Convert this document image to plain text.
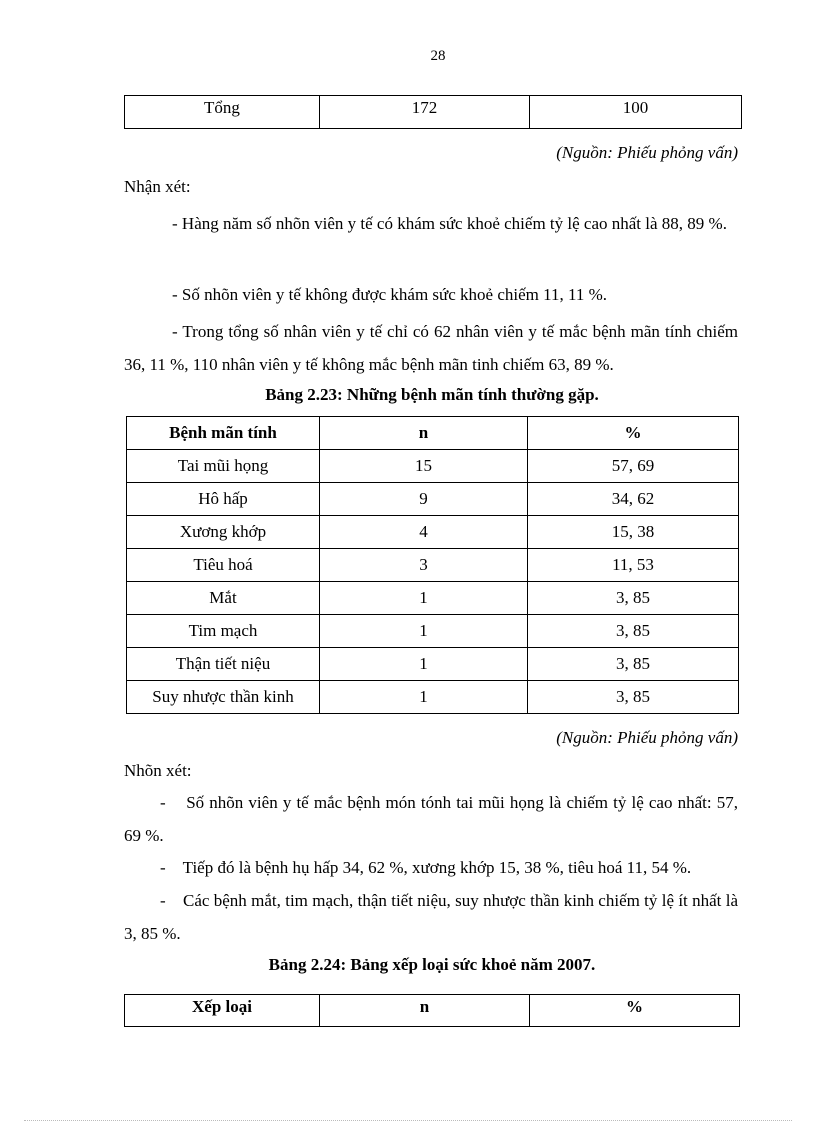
28
Tổng	172	100
(Nguồn: Phiếu phỏng vấn)
Nhận xét:
- Hàng năm số nhõn viên y tế có khám sức khoẻ chiếm tỷ lệ cao nhất là 88, 89 %.
- Số nhõn viên y tế không được khám sức khoẻ chiếm 11, 11 %.
- Trong tổng số nhân viên y tế chỉ có 62 nhân viên y tế mắc bệnh mãn tính chiếm 36, 11 %, 110 nhân viên y tế không mắc bệnh mãn tinh chiếm 63, 89 %.
Bảng 2.23: Những bệnh mãn tính thường gặp.
Bệnh mãn tính	n	%
Tai mũi họng	15	57, 69
Hô hấp	9	34, 62
Xương khớp	4	15, 38
Tiêu hoá	3	11, 53
Mắt	1	3, 85
Tim mạch	1	3, 85
Thận tiết niệu	1	3, 85
Suy nhược thần kinh	1	3, 85
(Nguồn: Phiếu phỏng vấn)
Nhõn xét:
-    Số nhõn viên y tế mắc bệnh món tónh tai mũi họng là chiếm tỷ lệ cao nhất: 57, 69 %.
-    Tiếp đó là bệnh hụ hấp 34, 62 %, xương khớp 15, 38 %, tiêu hoá 11, 54 %.
-    Các bệnh mắt, tim mạch, thận tiết niệu, suy nhược thần kinh chiếm tỷ lệ ít nhất là 3, 85 %.
Bảng 2.24: Bảng xếp loại sức khoẻ năm 2007.
Xếp loại	n	%
